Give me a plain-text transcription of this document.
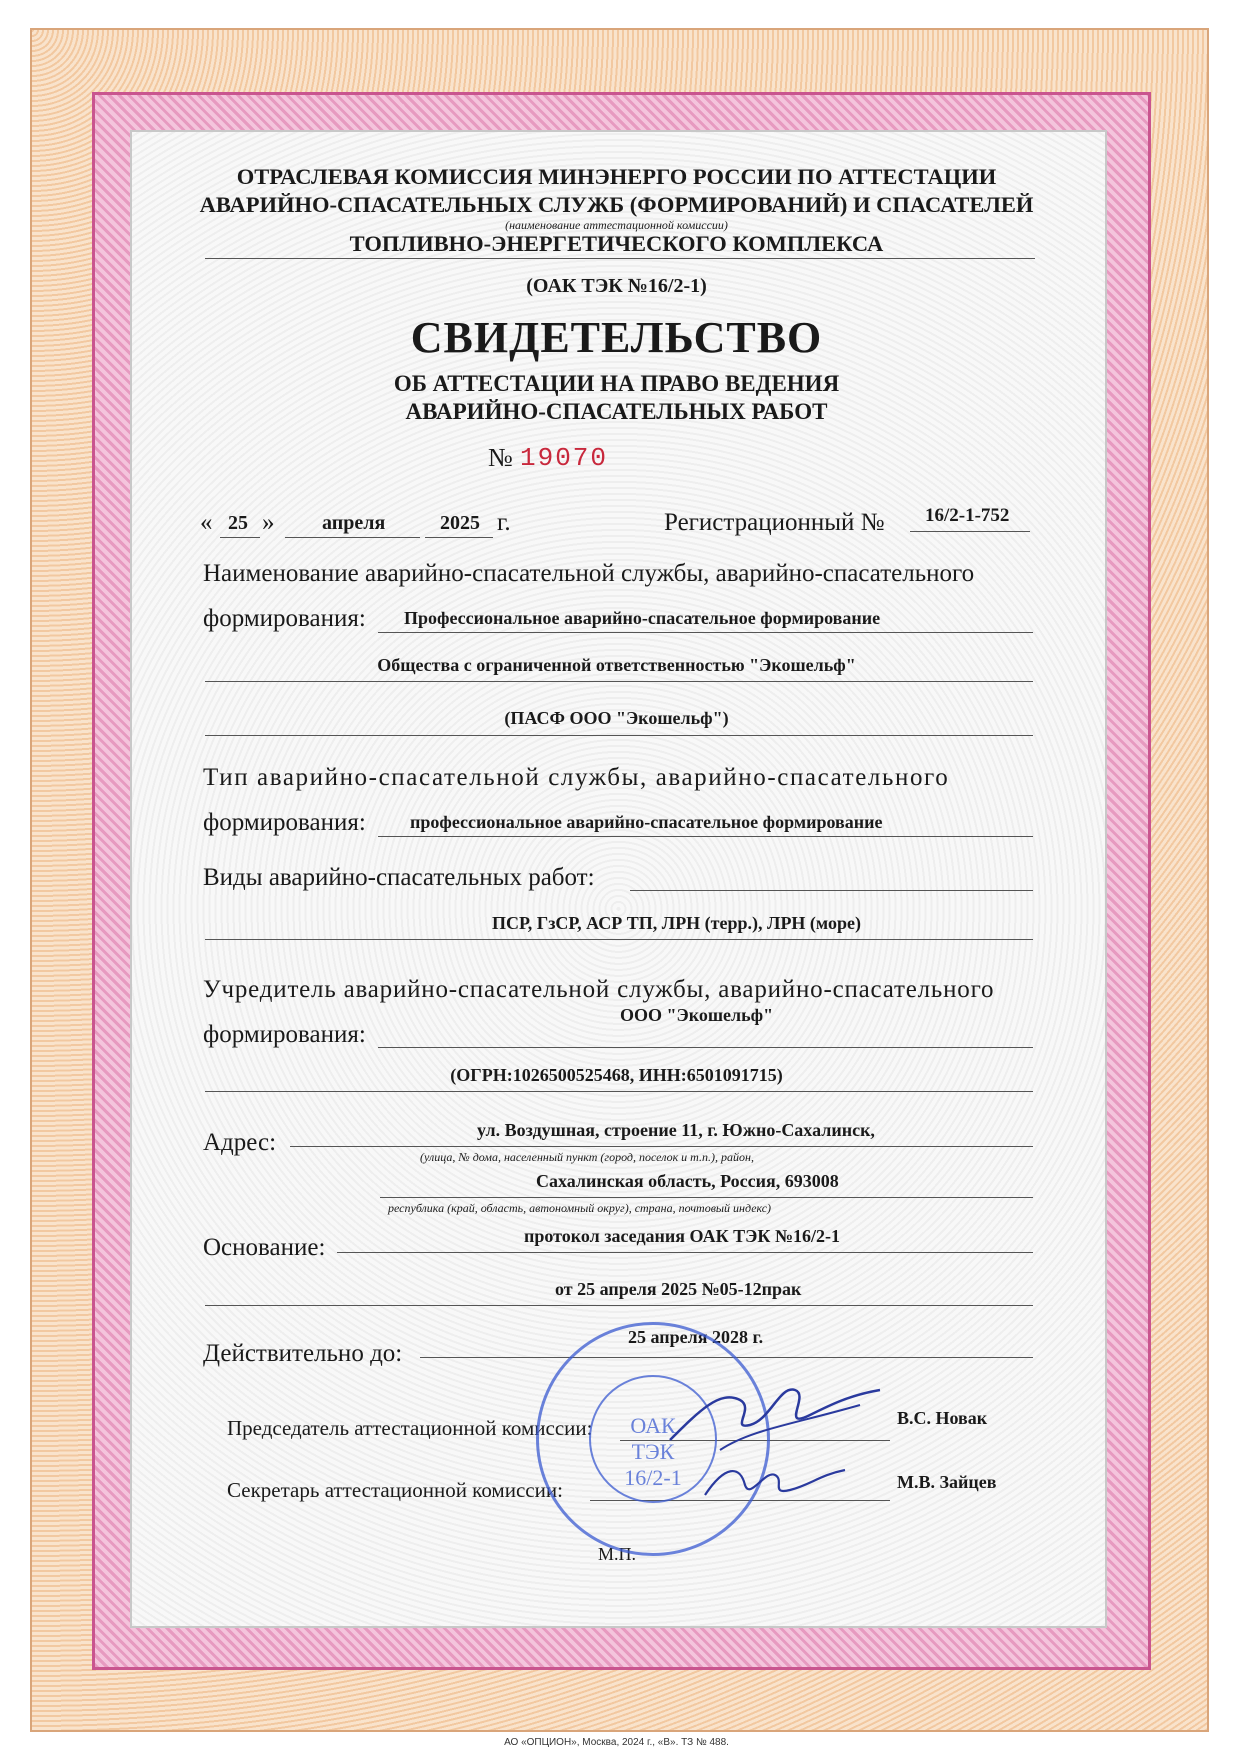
ОТРАСЛЕВАЯ КОМИССИЯ МИНЭНЕРГО РОССИИ ПО АТТЕСТАЦИИ
АВАРИЙНО-СПАСАТЕЛЬНЫХ СЛУЖБ (ФОРМИРОВАНИЙ) И СПАСАТЕЛЕЙ
(наименование аттестационной комиссии)
ТОПЛИВНО-ЭНЕРГЕТИЧЕСКОГО КОМПЛЕКСА
(ОАК ТЭК №16/2-1)
СВИДЕТЕЛЬСТВО
ОБ АТТЕСТАЦИИ НА ПРАВО ВЕДЕНИЯ
АВАРИЙНО-СПАСАТЕЛЬНЫХ РАБОТ
№ 19070
« 25 » апреля	2025 г.	Регистрационный № 16/2-1-752
Наименование аварийно-спасательной службы, аварийно-спасательного
формирования: Профессиональное аварийно-спасательное формирование
Общества с ограниченной ответственностью "Экошельф"
(ПАСФ ООО "Экошельф")
Тип аварийно-спасательной службы, аварийно-спасательного
формирования: профессиональное аварийно-спасательное формирование
Виды аварийно-спасательных работ:
ПСР, ГзСР, АСР ТП, ЛРН (терр.), ЛРН (море)
Учредитель аварийно-спасательной службы, аварийно-спасательного
ООО "Экошельф"
формирования:
(ОГРН:1026500525468, ИНН:6501091715)
Адрес:	ул. Воздушная, строение 11, г. Южно-Сахалинск,
(улица, № дома, населенный пункт (город, поселок и т.п.), район,
Сахалинская область, Россия, 693008
республика (край, область, автономный округ), страна, почтовый индекс)
Основание:	протокол заседания ОАК ТЭК №16/2-1
от 25 апреля 2025 №05-12прак
Действительно до:
25 апреля 2028 г.
Председатель аттестационной комиссии:	В.С. Новак
Секретарь аттестационной комиссии:	М.В. Зайцев
М.П.
ОАК
ТЭК
16/2-1
АО «ОПЦИОН», Москва, 2024 г., «В». ТЗ № 488.
